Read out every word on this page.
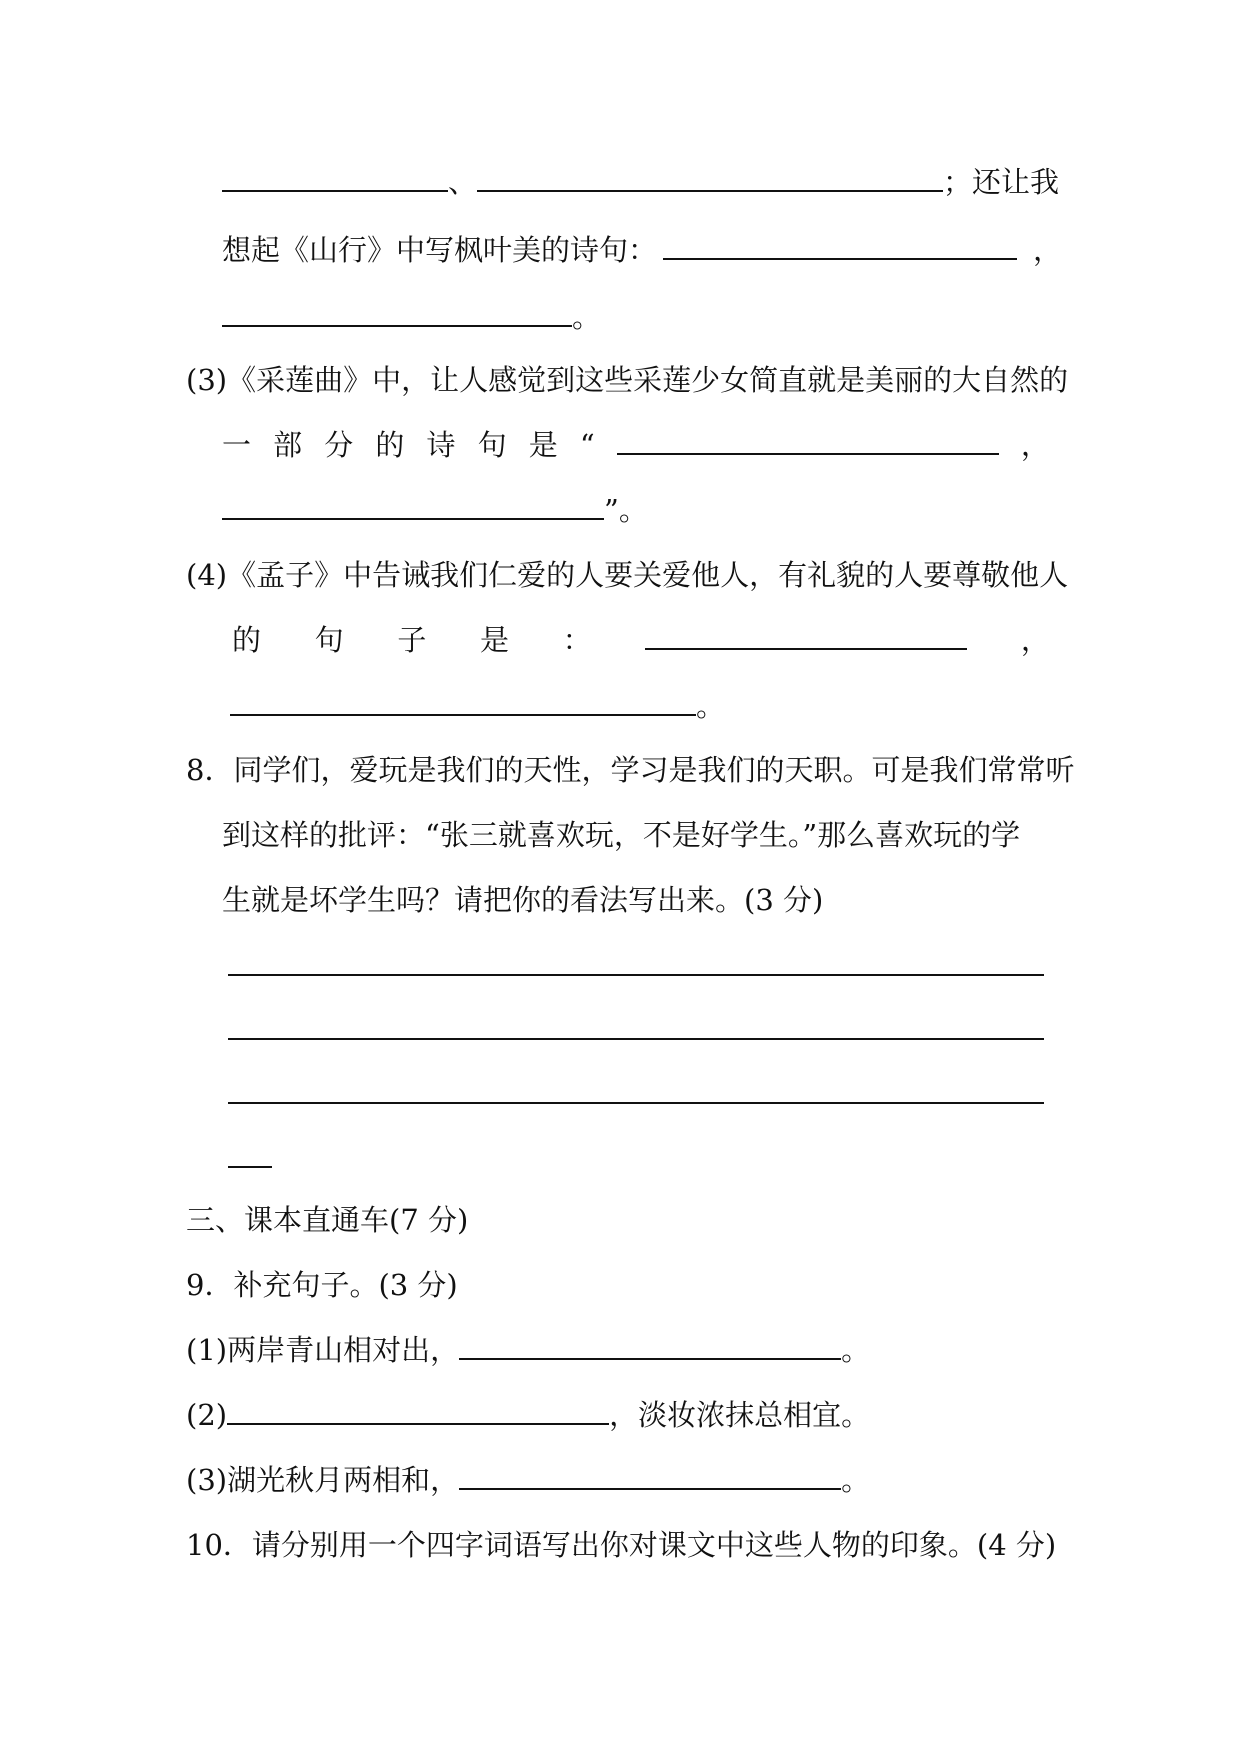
、	；还让我
想起《山行》中写枫叶美的诗句：	，
。
(3)《采莲曲》中，让人感觉到这些采莲少女简直就是美丽的大自然的
一 部 分 的 诗 句 是 “	，
”。
(4)《孟子》中告诫我们仁爱的人要关爱他人，有礼貌的人要尊敬他人
的 句 子 是 ：	，
。
8．同学们，爱玩是我们的天性，学习是我们的天职。可是我们常常听
到这样的批评：“张三就喜欢玩，不是好学生。”那么喜欢玩的学
生就是坏学生吗？请把你的看法写出来。(3 分)
三、课本直通车(7 分)
9．补充句子。(3 分)
(1)两岸青山相对出，	。
(2)	，淡妆浓抹总相宜。
(3)湖光秋月两相和，	。
10．请分别用一个四字词语写出你对课文中这些人物的印象。(4 分)
